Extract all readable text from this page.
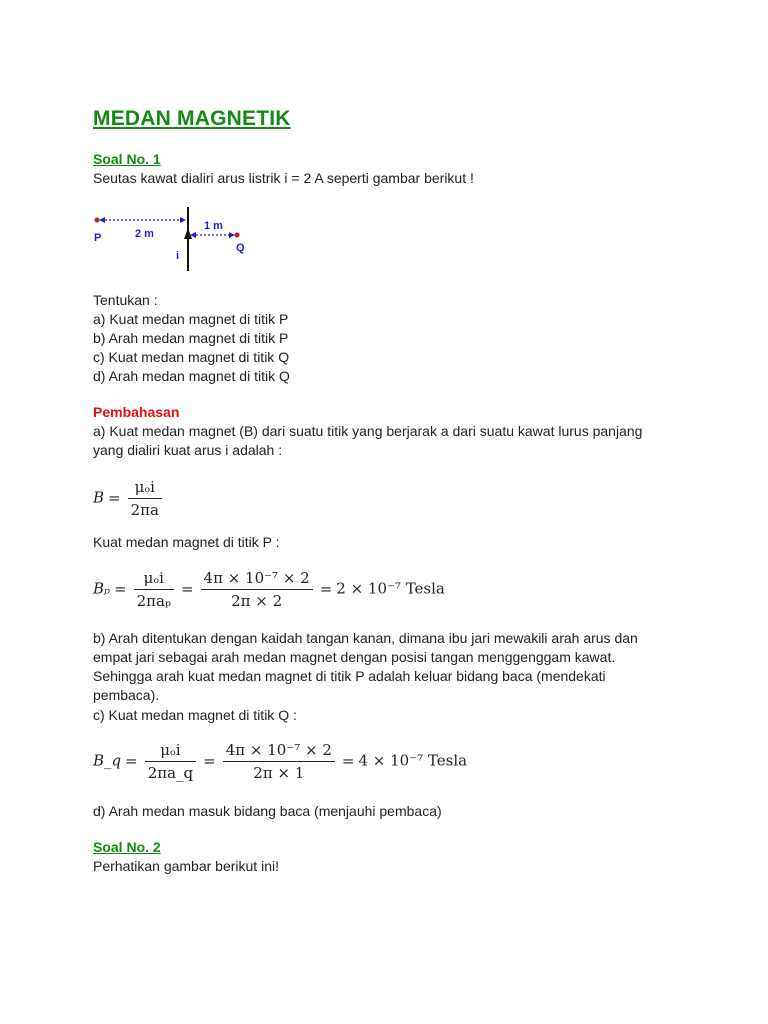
MEDAN MAGNETIK
Soal No. 1
Seutas kawat dialiri arus listrik i = 2 A seperti gambar berikut !
P	2 m
1 m
Q
i
Tentukan :
a) Kuat medan magnet di titik P
b) Arah medan magnet di titik P
c) Kuat medan magnet di titik Q
d) Arah medan magnet di titik Q
Pembahasan
a) Kuat medan magnet (B) dari suatu titik yang berjarak a dari suatu kawat lurus panjang
yang dialiri kuat arus i adalah :
$B = \frac{\text{μₒi}}{2\pi a}$
Kuat medan magnet di titik P :
$B_p = \frac{\text{μₒi}}{\text{2πaₚ}} = \frac{\text{4π × 10⁻⁷ × 2}}{2\pi \times 2} = 2 \times 10^{-7}$ Tesla
b) Arah ditentukan dengan kaidah tangan kanan, dimana ibu jari mewakili arah arus dan
empat jari sebagai arah medan magnet dengan posisi tangan menggenggam kawat.
Sehingga arah kuat medan magnet di titik P adalah keluar bidang baca (mendekati
pembaca).
c) Kuat medan magnet di titik Q :
B_q = $\frac{\text{μₒi}}{2\pi a\_q} = \frac{\text{4π × 10⁻⁷ × 2}}{2\pi \times 1} = 4 \times 10^{-7}$ Tesla
d) Arah medan masuk bidang baca (menjauhi pembaca)
Soal No. 2
Perhatikan gambar berikut ini!
